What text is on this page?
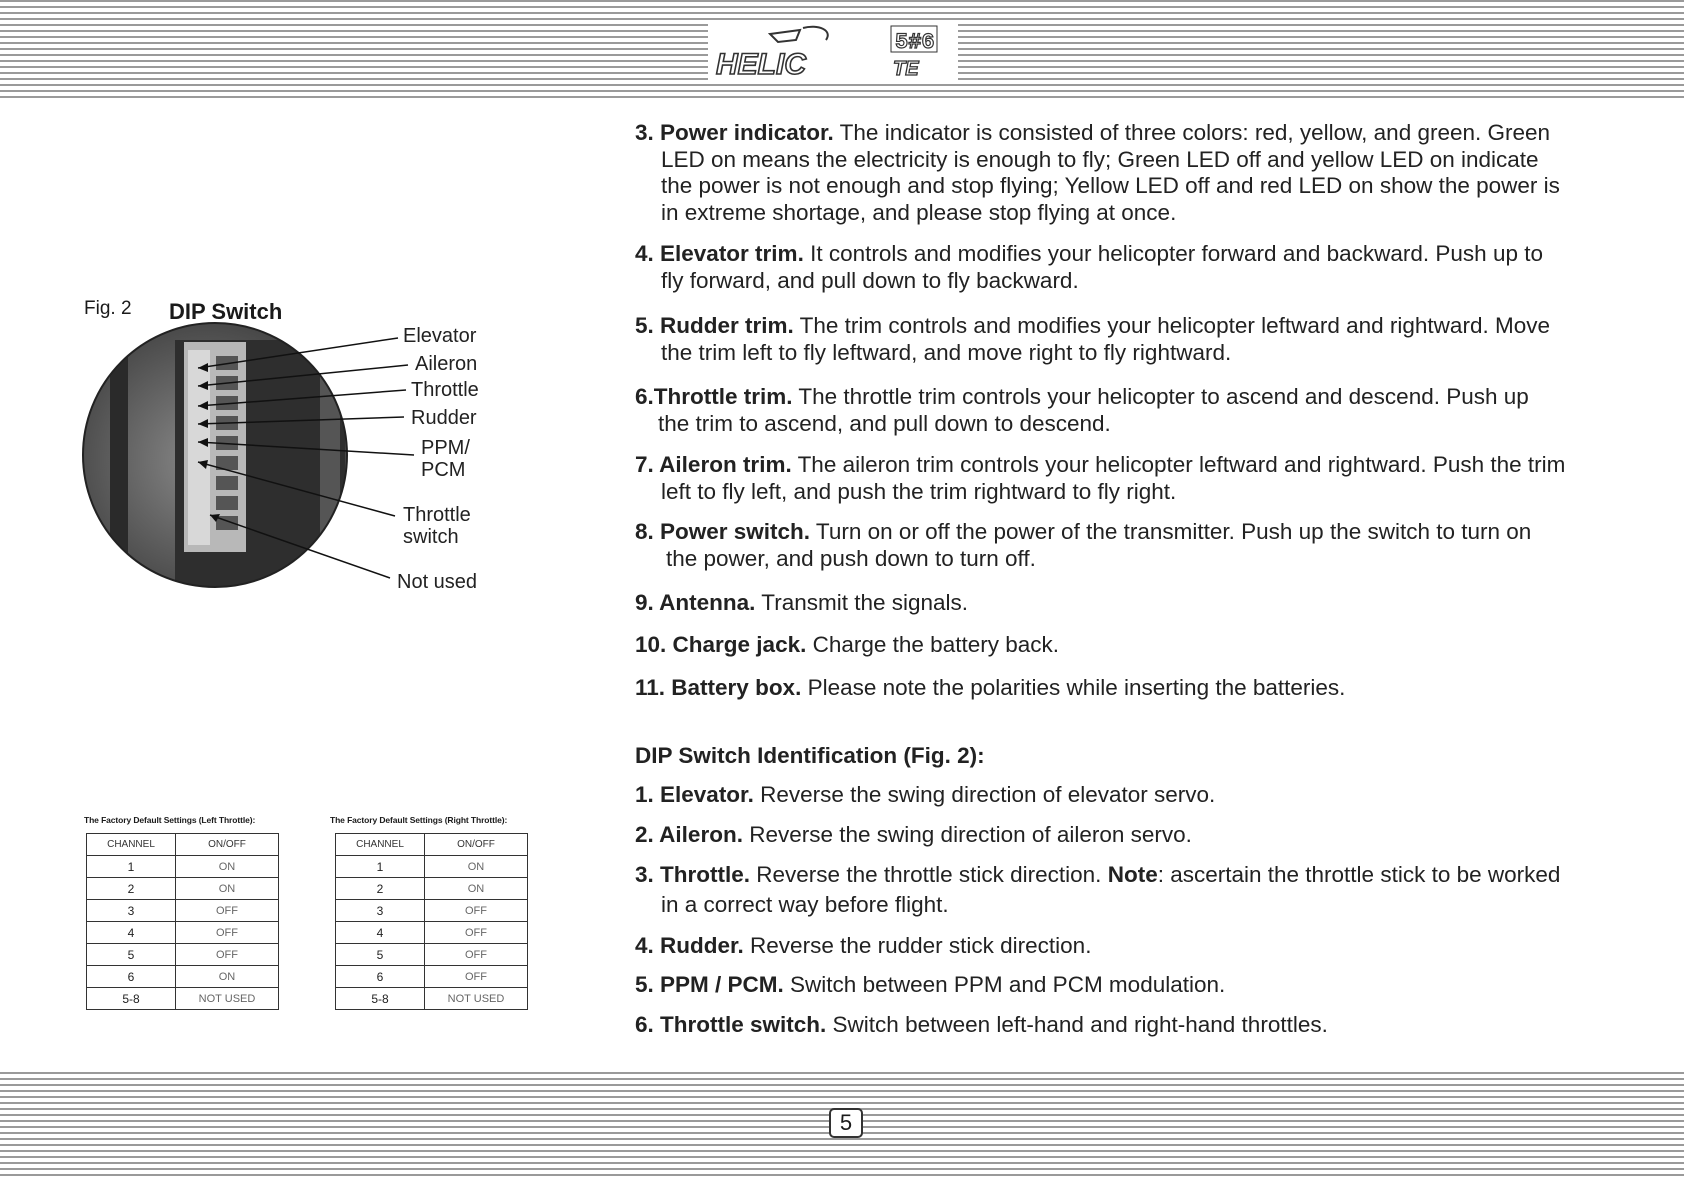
HELIC
5#6
TE
Fig. 2 DIP Switch
Elevator
Aileron
Throttle
Rudder
PPM/
PCM
Throttle
switch
Not used
The Factory Default Settings (Left Throttle):
CHANNEL	ON/OFF
1	ON
2	ON
3	OFF
4	OFF
5	OFF
6	ON
5-8	NOT USED
The Factory Default Settings (Right Throttle):
CHANNEL	ON/OFF
1	ON
2	ON
3	OFF
4	OFF
5	OFF
6	OFF
5-8	NOT USED
3. Power indicator. The indicator is consisted of three colors: red, yellow, and green. Green
LED on means the electricity is enough to fly; Green LED off and yellow LED on indicate
the power is not enough and stop flying; Yellow LED off and red LED on show the power is
in extreme shortage, and please stop flying at once.
4. Elevator trim. It controls and modifies your helicopter forward and backward. Push up to
fly forward, and pull down to fly backward.
5. Rudder trim. The trim controls and modifies your helicopter leftward and rightward. Move
the trim left to fly leftward, and move right to fly rightward.
6.Throttle trim. The throttle trim controls your helicopter to ascend and descend. Push up
the trim to ascend, and pull down to descend.
7. Aileron trim. The aileron trim controls your helicopter leftward and rightward. Push the trim
left to fly left, and push the trim rightward to fly right.
8. Power switch. Turn on or off the power of the transmitter. Push up the switch to turn on
the power, and push down to turn off.
9. Antenna. Transmit the signals.
10. Charge jack. Charge the battery back.
11. Battery box. Please note the polarities while inserting the batteries.
DIP Switch Identification (Fig. 2):
1. Elevator. Reverse the swing direction of elevator servo.
2. Aileron. Reverse the swing direction of aileron servo.
3. Throttle. Reverse the throttle stick direction. Note: ascertain the throttle stick to be worked
in a correct way before flight.
4. Rudder. Reverse the rudder stick direction.
5. PPM / PCM. Switch between PPM and PCM modulation.
6. Throttle switch. Switch between left-hand and right-hand throttles.
5
